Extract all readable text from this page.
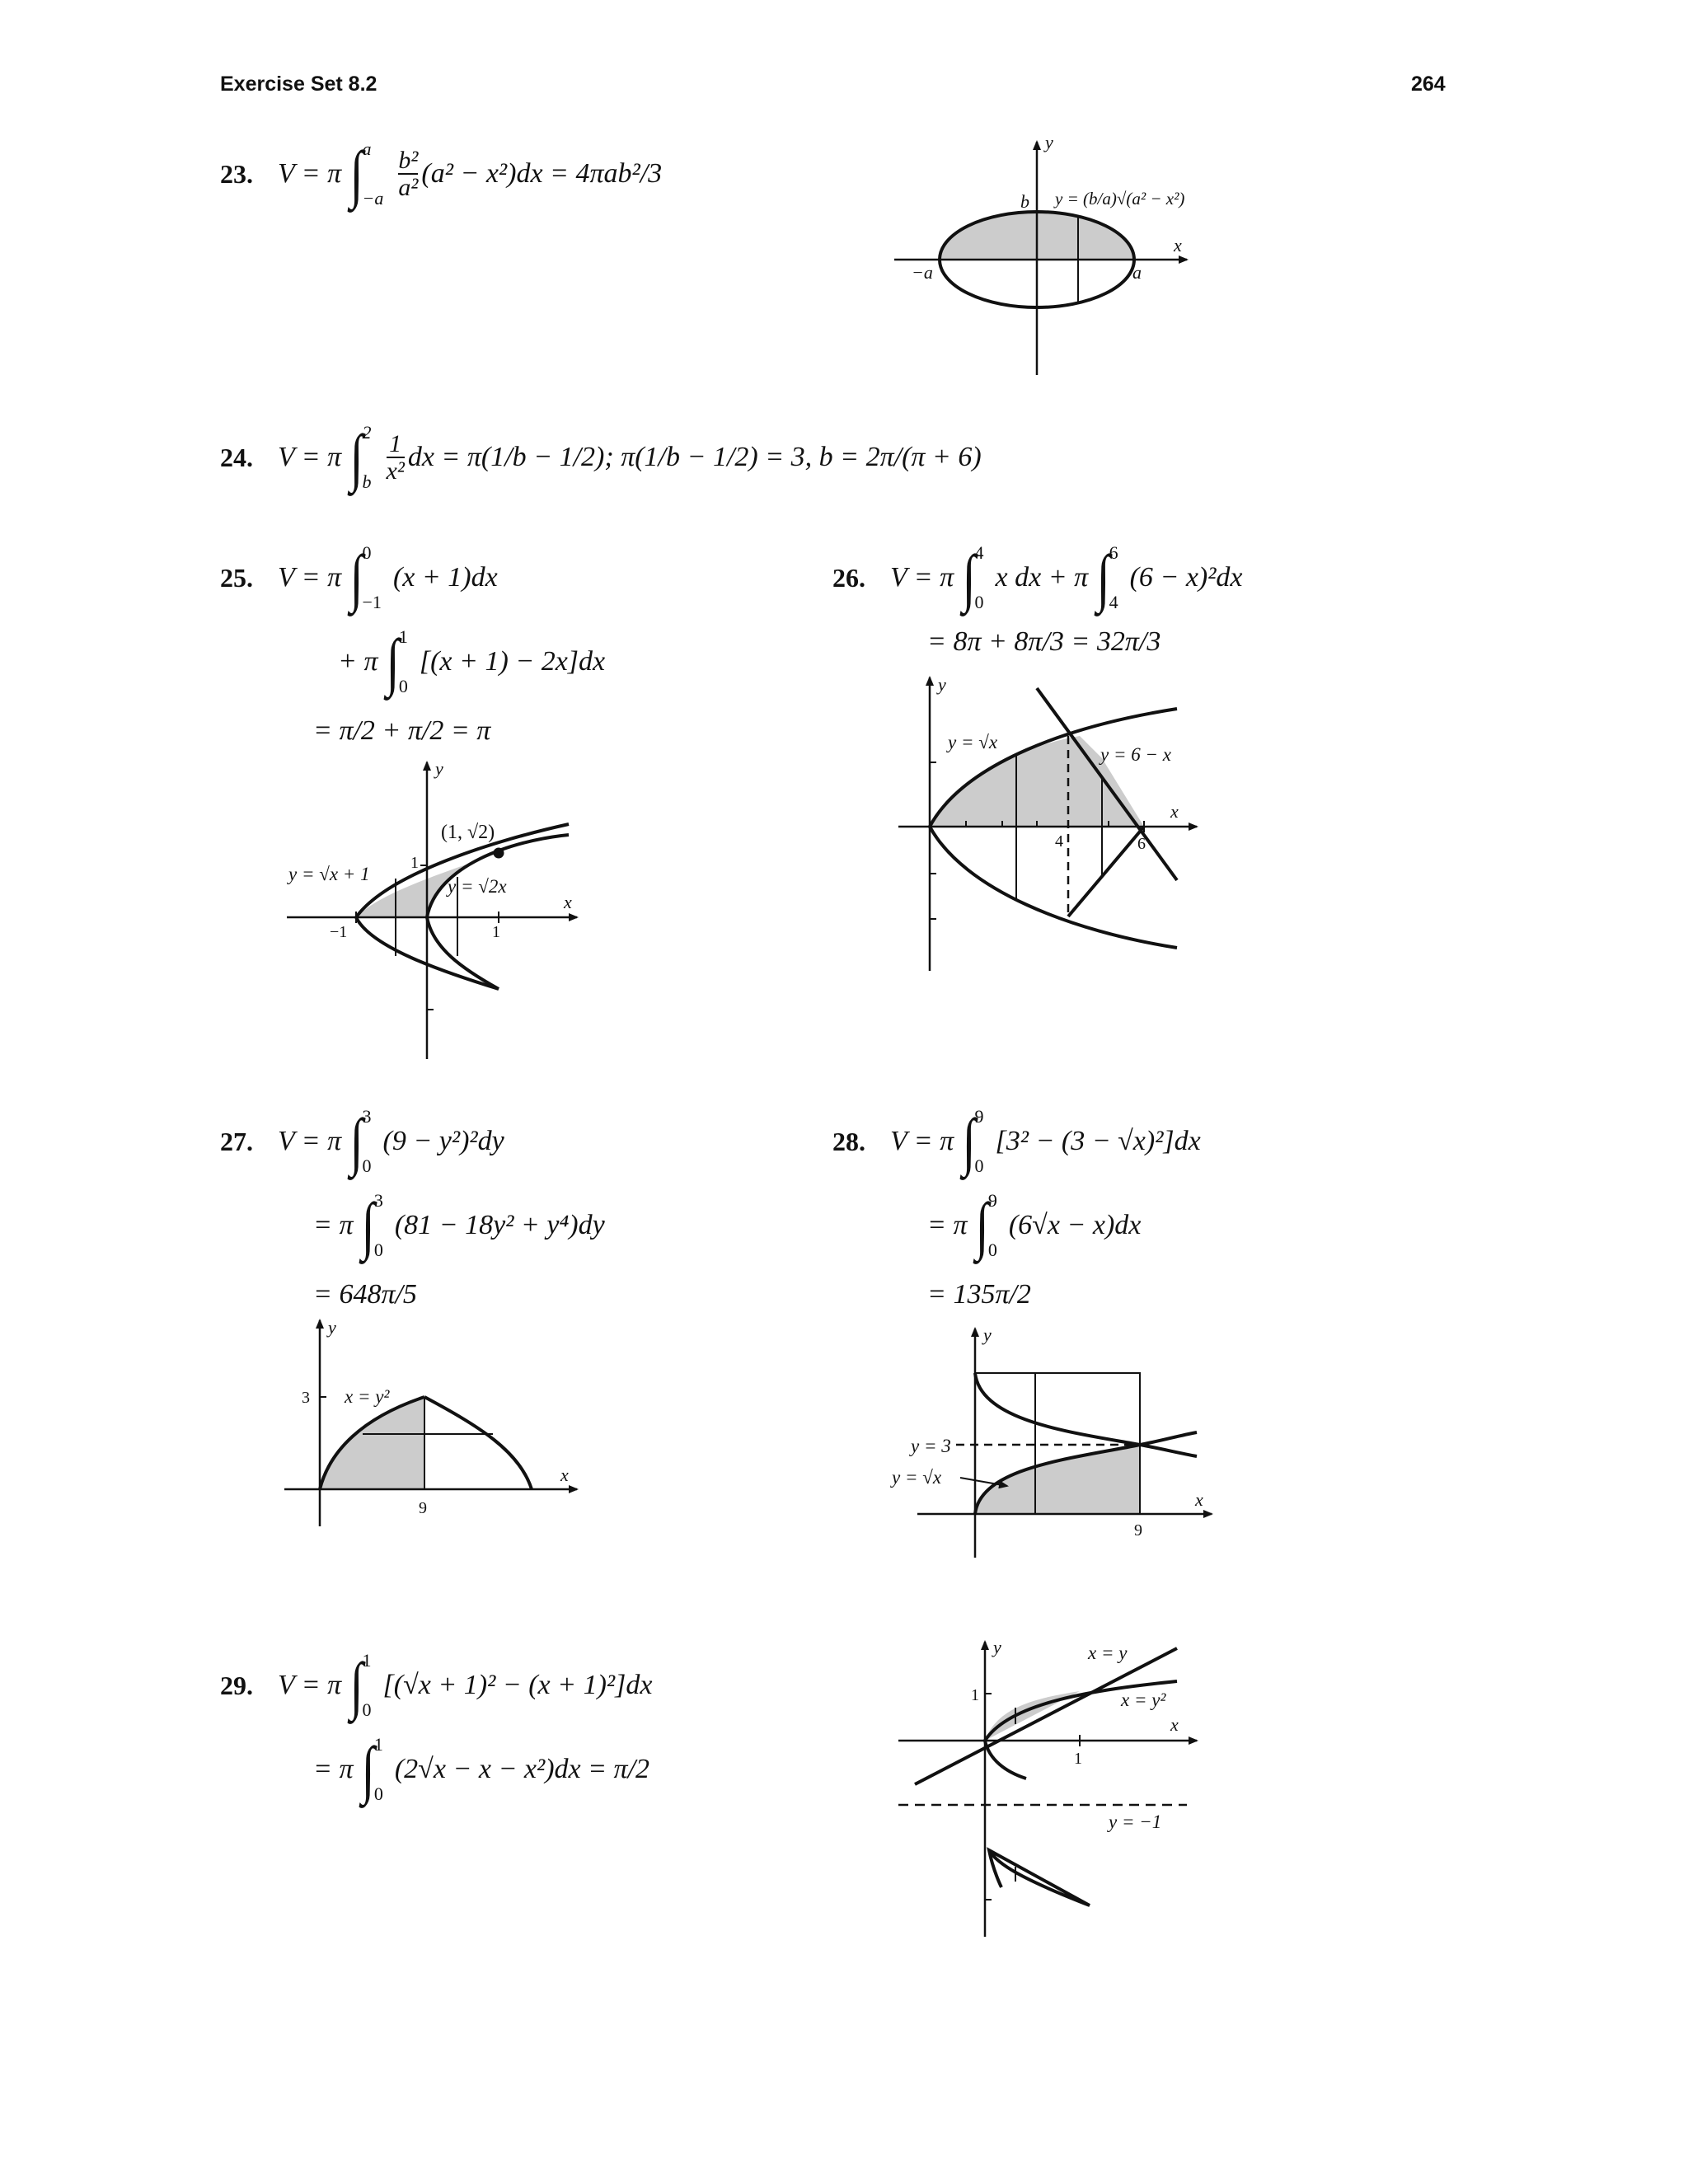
Exercise Set 8.2	264
23. V = π ∫
a
$-a \frac{\text{b²}}{\text{a²}} (a^2 - x^2)dx = 4\pi ab^2/3$
24. V = π ∫
2
b $\frac{1}{\text{x²}}$ dx = π(1/b − 1/2); π(1/b − 1/2) = 3, b = 2π/(π + 6)
25. V = π ∫
0
−1
(x + 1)dx
+ π ∫
1
0
[(x + 1) − 2x]dx
= π/2 + π/2 = π
26. V = π ∫
4
0
x dx + π ∫
6
4
(6 − x)²dx
= 8π + 8π/3 = 32π/3
27. V = π ∫
3
0
(9 − y²)²dy
= π ∫
3
0
(81 − 18y² + y⁴)dy
= 648π/5
28. V = π ∫
9
0
[3² − (3 − √x)²]dx
= π ∫
9
0
(6√x − x)dx
= 135π/2
29. V = π ∫
1
0
[(√x + 1)² − (x + 1)²]dx
= π ∫
1
0
(2√x − x − x²)dx = π/2
y
x
y = (b/a)√(a² − x²)
b
−a	a
y
x
(1, √2)
y = √x + 1
y = √2x
1
−1	1
y
x
y = √x
y = 6 − x
4	6
y
x
x = y²
3
9
y
x
y = 3
y = √x
9
y
x
x = y
x = y²
y = −1
1
1
